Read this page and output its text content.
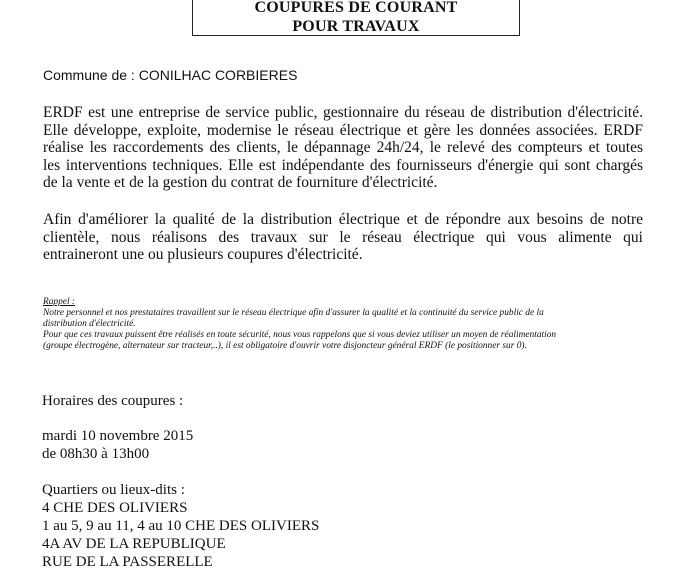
COUPURES DE COURANT
POUR TRAVAUX
Commune de : CONILHAC CORBIERES
ERDF est une entreprise de service public, gestionnaire du réseau de distribution d'électricité.
Elle développe, exploite, modernise le réseau électrique et gère les données associées. ERDF
réalise les raccordements des clients, le dépannage 24h/24, le relevé des compteurs et toutes
les interventions techniques. Elle est indépendante des fournisseurs d'énergie qui sont chargés
de la vente et de la gestion du contrat de fourniture d'électricité.
Afin d'améliorer la qualité de la distribution électrique et de répondre aux besoins de notre
clientèle, nous réalisons des travaux sur le réseau électrique qui vous alimente qui
entraineront une ou plusieurs coupures d'électricité.
Rappel :
Notre personnel et nos prestataires travaillent sur le réseau électrique afin d'assurer la qualité et la continuité du service public de la
distribution d'électricité.
Pour que ces travaux puissent être réalisés en toute sécurité, nous vous rappelons que si vous deviez utiliser un moyen de réalimentation
(groupe électrogène, alternateur sur tracteur,..), il est obligatoire d'ouvrir votre disjoncteur général ERDF (le positionner sur 0).
Horaires des coupures :
mardi 10 novembre 2015
de 08h30 à 13h00
Quartiers ou lieux-dits :
4 CHE DES OLIVIERS
1 au 5, 9 au 11, 4 au 10 CHE DES OLIVIERS
4A AV DE LA REPUBLIQUE
RUE DE LA PASSERELLE
